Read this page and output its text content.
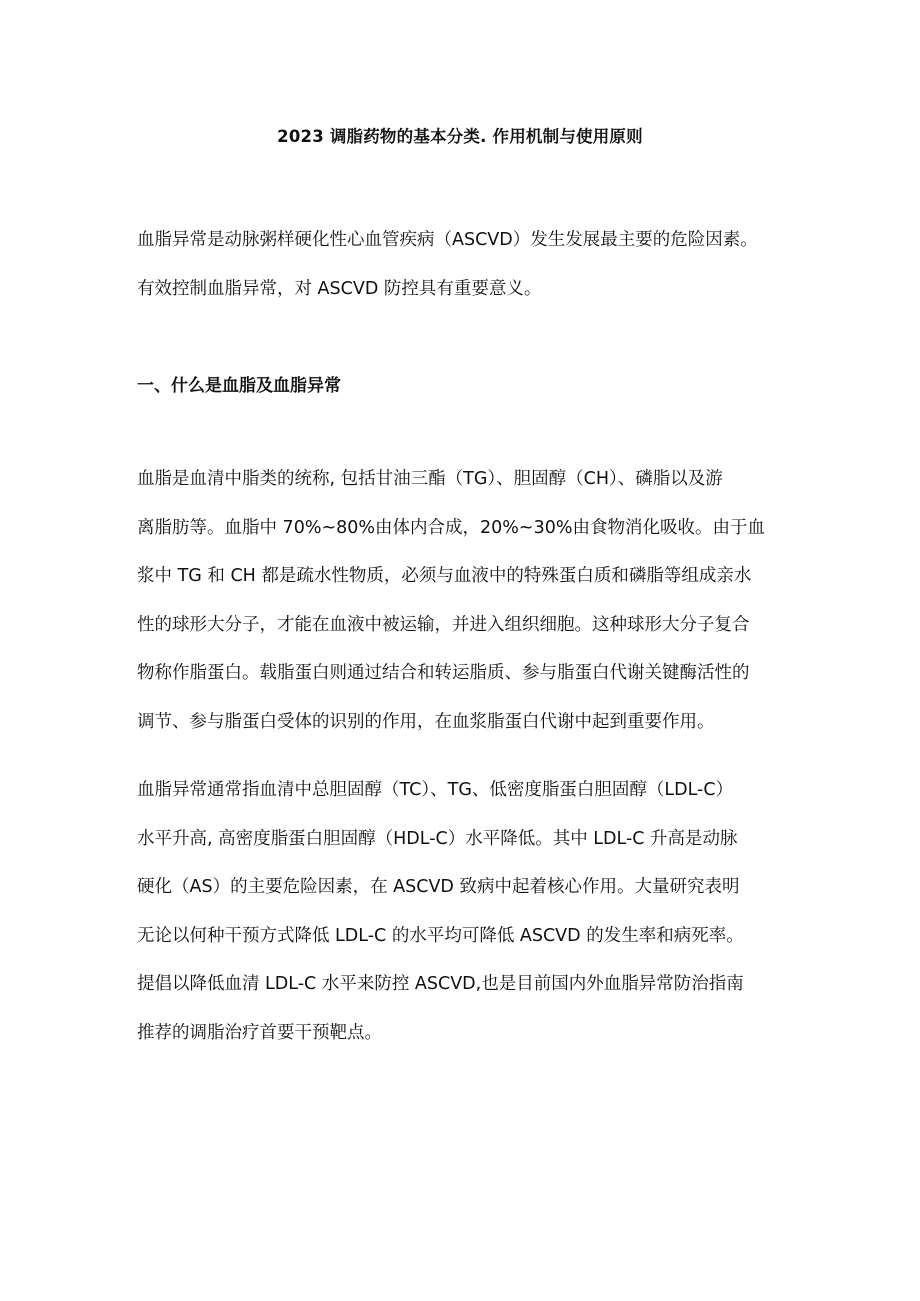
2023 调脂药物的基本分类. 作用机制与使用原则

血脂异常是动脉粥样硬化性心血管疾病（ASCVD）发生发展最主要的危险因素。
有效控制血脂异常，对 ASCVD 防控具有重要意义。

一、什么是血脂及血脂异常

血脂是血清中脂类的统称, 包括甘油三酯（TG）、胆固醇（CH）、磷脂以及游
离脂肪等。血脂中 70%~80%由体内合成，20%~30%由食物消化吸收。由于血
浆中 TG 和 CH 都是疏水性物质，必须与血液中的特殊蛋白质和磷脂等组成亲水
性的球形大分子，才能在血液中被运输，并进入组织细胞。这种球形大分子复合
物称作脂蛋白。载脂蛋白则通过结合和转运脂质、参与脂蛋白代谢关键酶活性的
调节、参与脂蛋白受体的识别的作用，在血浆脂蛋白代谢中起到重要作用。

血脂异常通常指血清中总胆固醇（TC）、TG、低密度脂蛋白胆固醇（LDL-C）
水平升高, 高密度脂蛋白胆固醇（HDL-C）水平降低。其中 LDL-C 升高是动脉
硬化（AS）的主要危险因素，在 ASCVD 致病中起着核心作用。大量研究表明
无论以何种干预方式降低 LDL-C 的水平均可降低 ASCVD 的发生率和病死率。
提倡以降低血清 LDL-C 水平来防控 ASCVD,也是目前国内外血脂异常防治指南
推荐的调脂治疗首要干预靶点。
